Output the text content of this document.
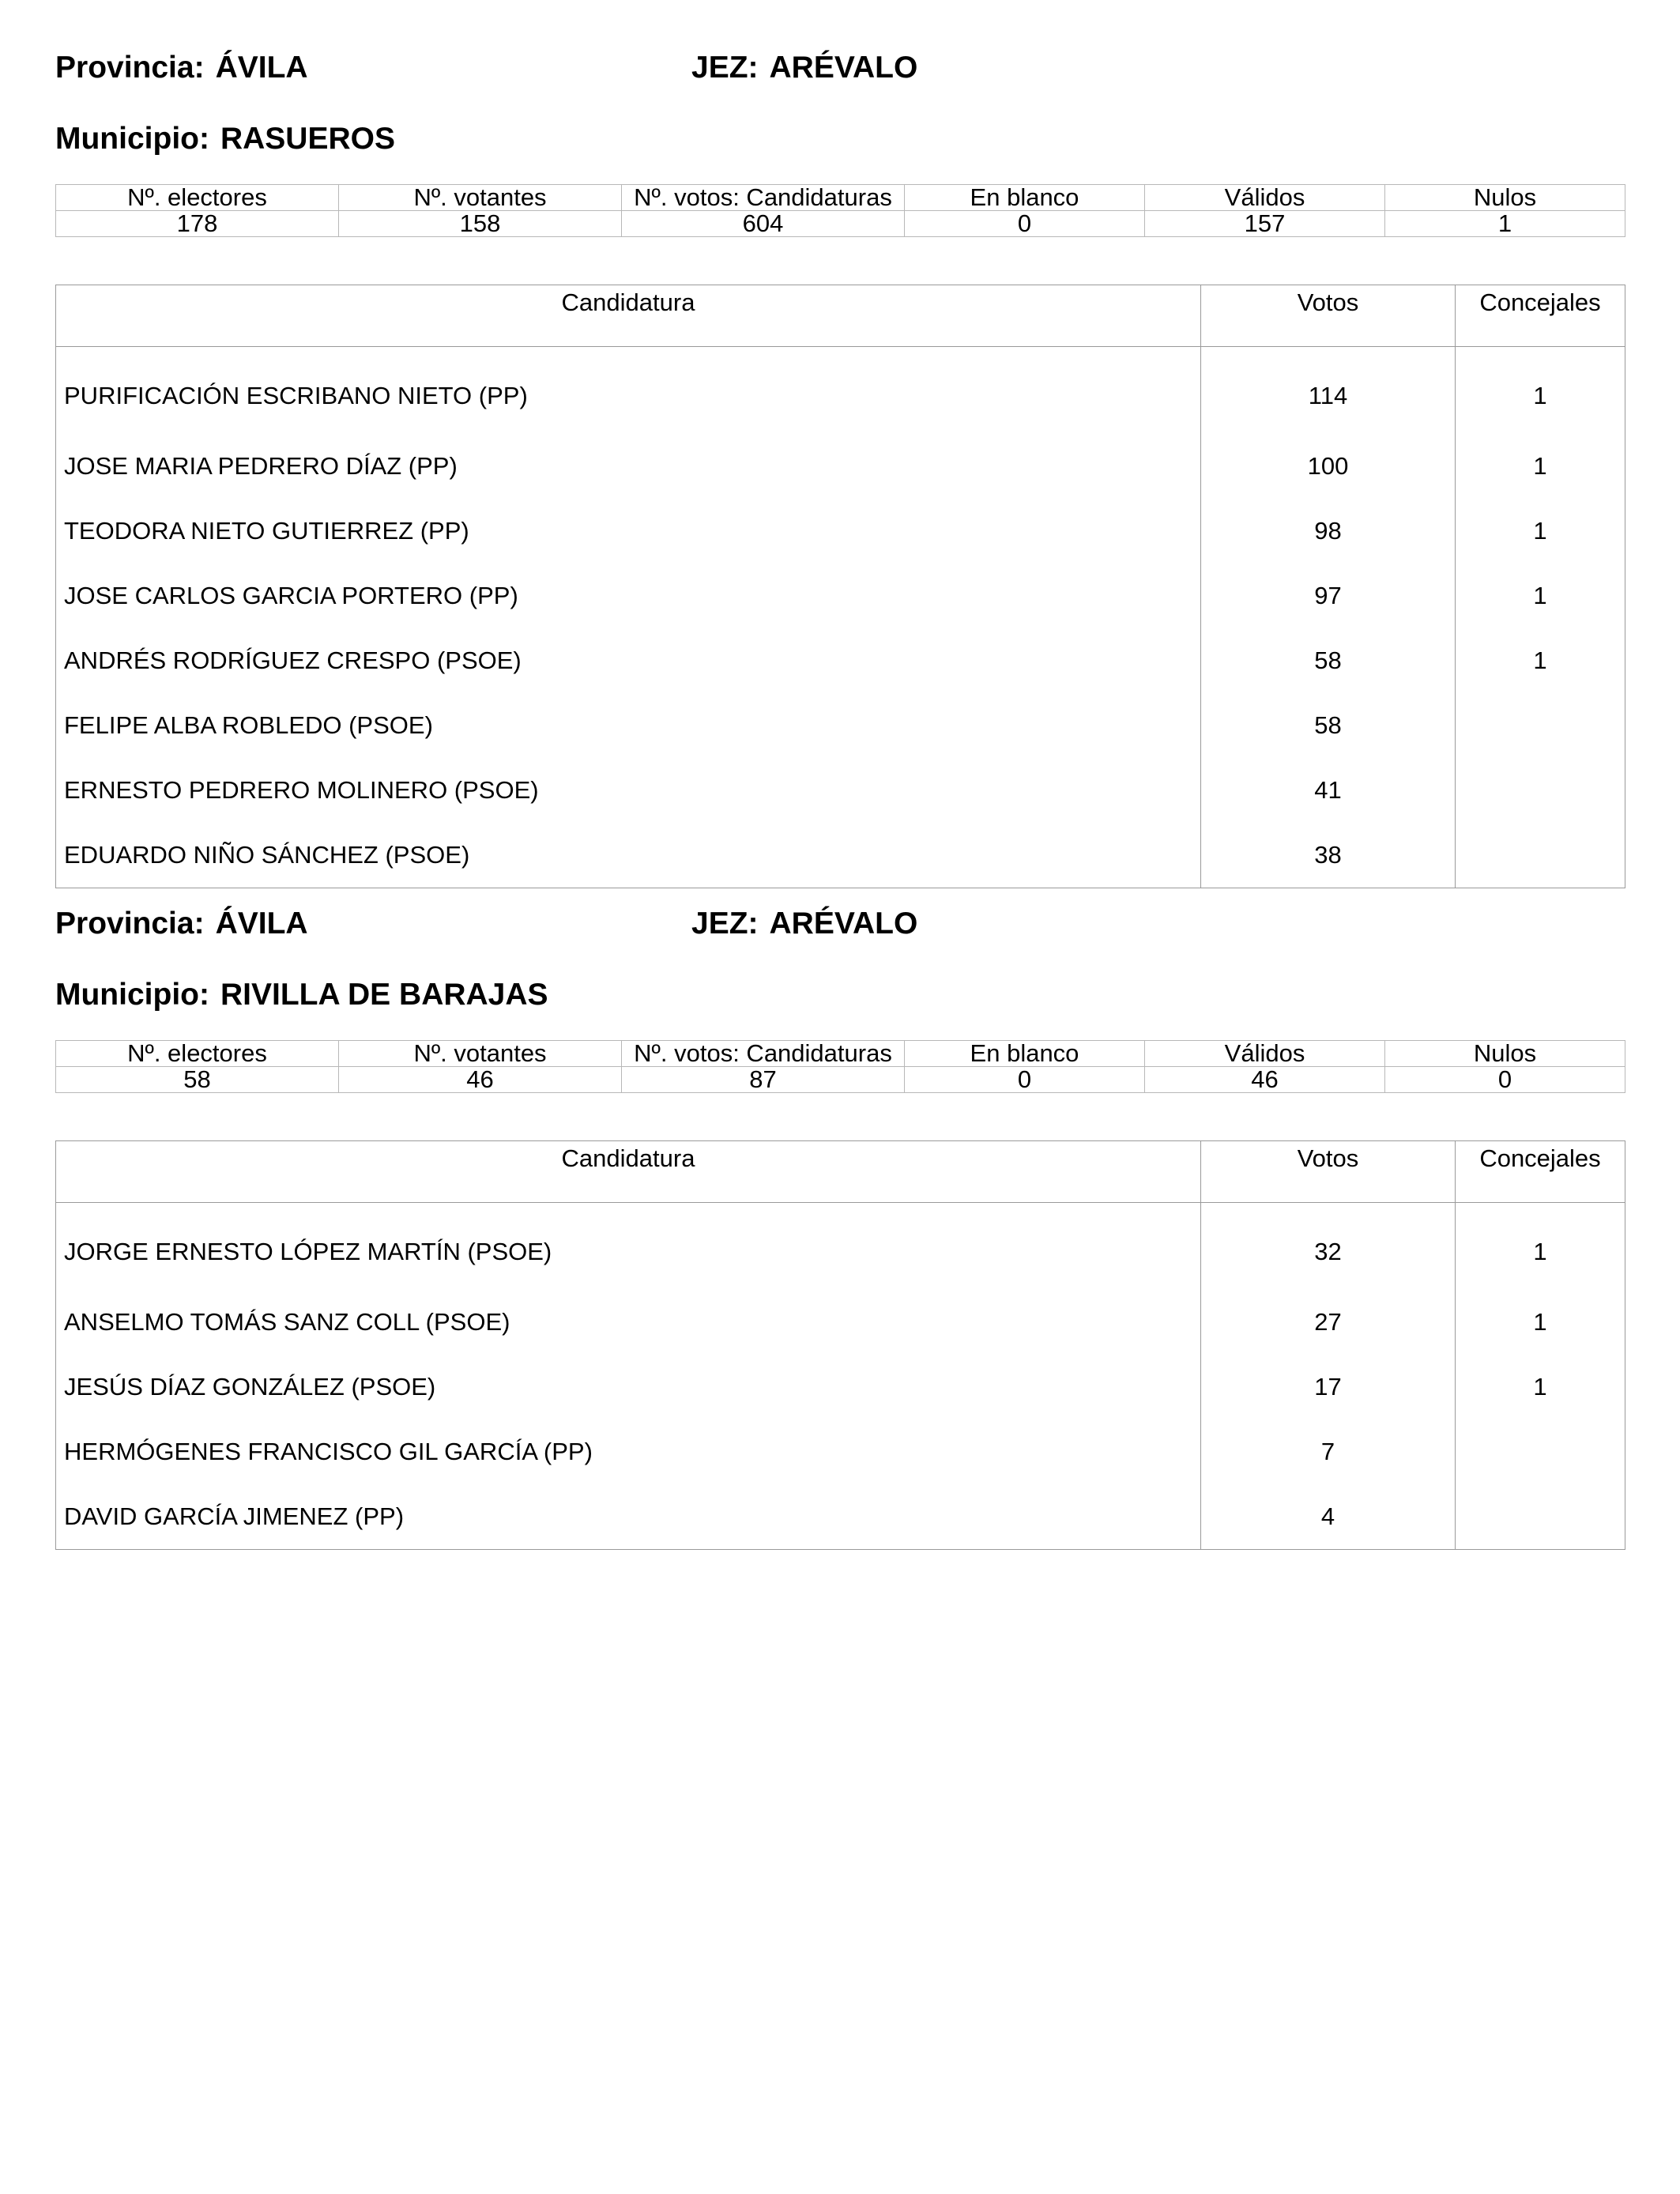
Provincia: ÁVILA	JEZ: ARÉVALO
Municipio: RASUEROS
Nº. electores	Nº. votantes	Nº. votos: Candidaturas	En blanco	Válidos	Nulos
178	158	604	0	157	1
Candidatura	Votos	Concejales
PURIFICACIÓN ESCRIBANO NIETO (PP)	114	1
JOSE MARIA PEDRERO DÍAZ (PP)	100	1
TEODORA NIETO GUTIERREZ (PP)	98	1
JOSE CARLOS GARCIA PORTERO (PP)	97	1
ANDRÉS RODRÍGUEZ CRESPO (PSOE)	58	1
FELIPE ALBA ROBLEDO (PSOE)	58	
ERNESTO PEDRERO MOLINERO (PSOE)	41	
EDUARDO NIÑO SÁNCHEZ (PSOE)	38	
Provincia: ÁVILA	JEZ: ARÉVALO
Municipio: RIVILLA DE BARAJAS
Nº. electores	Nº. votantes	Nº. votos: Candidaturas	En blanco	Válidos	Nulos
58	46	87	0	46	0
Candidatura	Votos	Concejales
JORGE ERNESTO LÓPEZ MARTÍN (PSOE)	32	1
ANSELMO TOMÁS SANZ COLL (PSOE)	27	1
JESÚS DÍAZ GONZÁLEZ (PSOE)	17	1
HERMÓGENES FRANCISCO GIL GARCÍA (PP)	7	
DAVID GARCÍA JIMENEZ (PP)	4	
